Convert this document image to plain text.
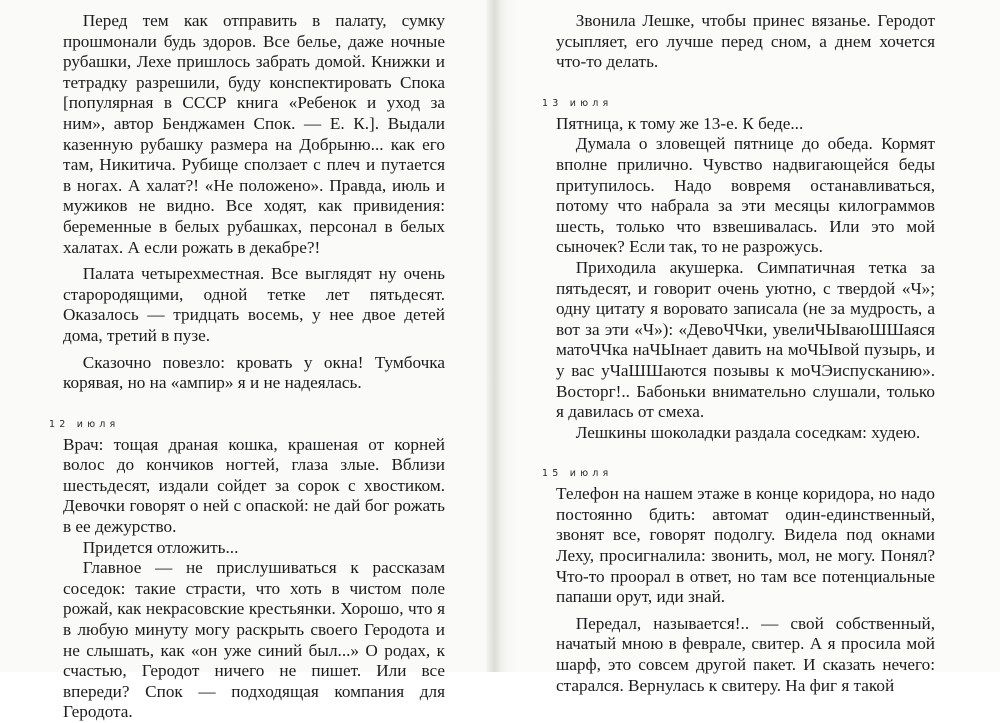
Перед тем как отправить в палату, сумку прошмонали будь здоров. Все белье, даже ночные рубашки, Лехе пришлось забрать домой. Книжки и тетрадку разрешили, буду конспектировать Спока [популярная в СССР книга «Ребенок и уход за ним», автор Бенджамен Спок. — Е. К.]. Выдали казенную рубашку размера на Добрыню... как его там, Никитича. Рубище сползает с плеч и путается в ногах. А халат?! «Не положено». Правда, июль и мужиков не видно. Все ходят, как привидения: беременные в белых рубашках, персонал в белых халатах. А если рожать в декабре?!

Палата четырехместная. Все выглядят ну очень старородящими, одной тетке лет пятьдесят. Оказалось — тридцать восемь, у нее двое детей дома, третий в пузе.

Сказочно повезло: кровать у окна! Тумбочка корявая, но на «ампир» я и не надеялась.

12 июля

Врач: тощая драная кошка, крашеная от корней волос до кончиков ногтей, глаза злые. Вблизи шестьдесят, издали сойдет за сорок с хвостиком. Девочки говорят о ней с опаской: не дай бог рожать в ее дежурство.

Придется отложить...

Главное — не прислушиваться к рассказам соседок: такие страсти, что хоть в чистом поле рожай, как некрасовские крестьянки. Хорошо, что я в любую минуту могу раскрыть своего Геродота и не слышать, как «он уже синий был...» О родах, к счастью, Геродот ничего не пишет. Или все впереди? Спок — подходящая компания для Геродота.

Звонила Лешке, чтобы принес вязанье. Геродот усыпляет, его лучше перед сном, а днем хочется что-то делать.

13 июля

Пятница, к тому же 13-е. К беде...

Думала о зловещей пятнице до обеда. Кормят вполне прилично. Чувство надвигающейся беды притупилось. Надо вовремя останавливаться, потому что набрала за эти месяцы килограммов шесть, только что взвешивалась. Или это мой сыночек? Если так, то не разрожусь.

Приходила акушерка. Симпатичная тетка за пятьдесят, и говорит очень уютно, с твердой «Ч»; одну цитату я воровато записала (не за мудрость, а вот за эти «Ч»): «ДевоЧЧки, увелиЧЫваюШШаяся матоЧЧка наЧЫнает давить на моЧЫвой пузырь, и у вас уЧаШШаются позывы к моЧЭиспусканию». Восторг!.. Бабоньки внимательно слушали, только я давилась от смеха.

Лешкины шоколадки раздала соседкам: худею.

15 июля

Телефон на нашем этаже в конце коридора, но надо постоянно бдить: автомат один-единственный, звонят все, говорят подолгу. Видела под окнами Леху, просигналила: звонить, мол, не могу. Понял? Что-то проорал в ответ, но там все потенциальные папаши орут, иди знай.

Передал, называется!.. — свой собственный, начатый мною в феврале, свитер. А я просила мой шарф, это совсем другой пакет. И сказать нечего: старался. Вернулась к свитеру. На фиг я такой
